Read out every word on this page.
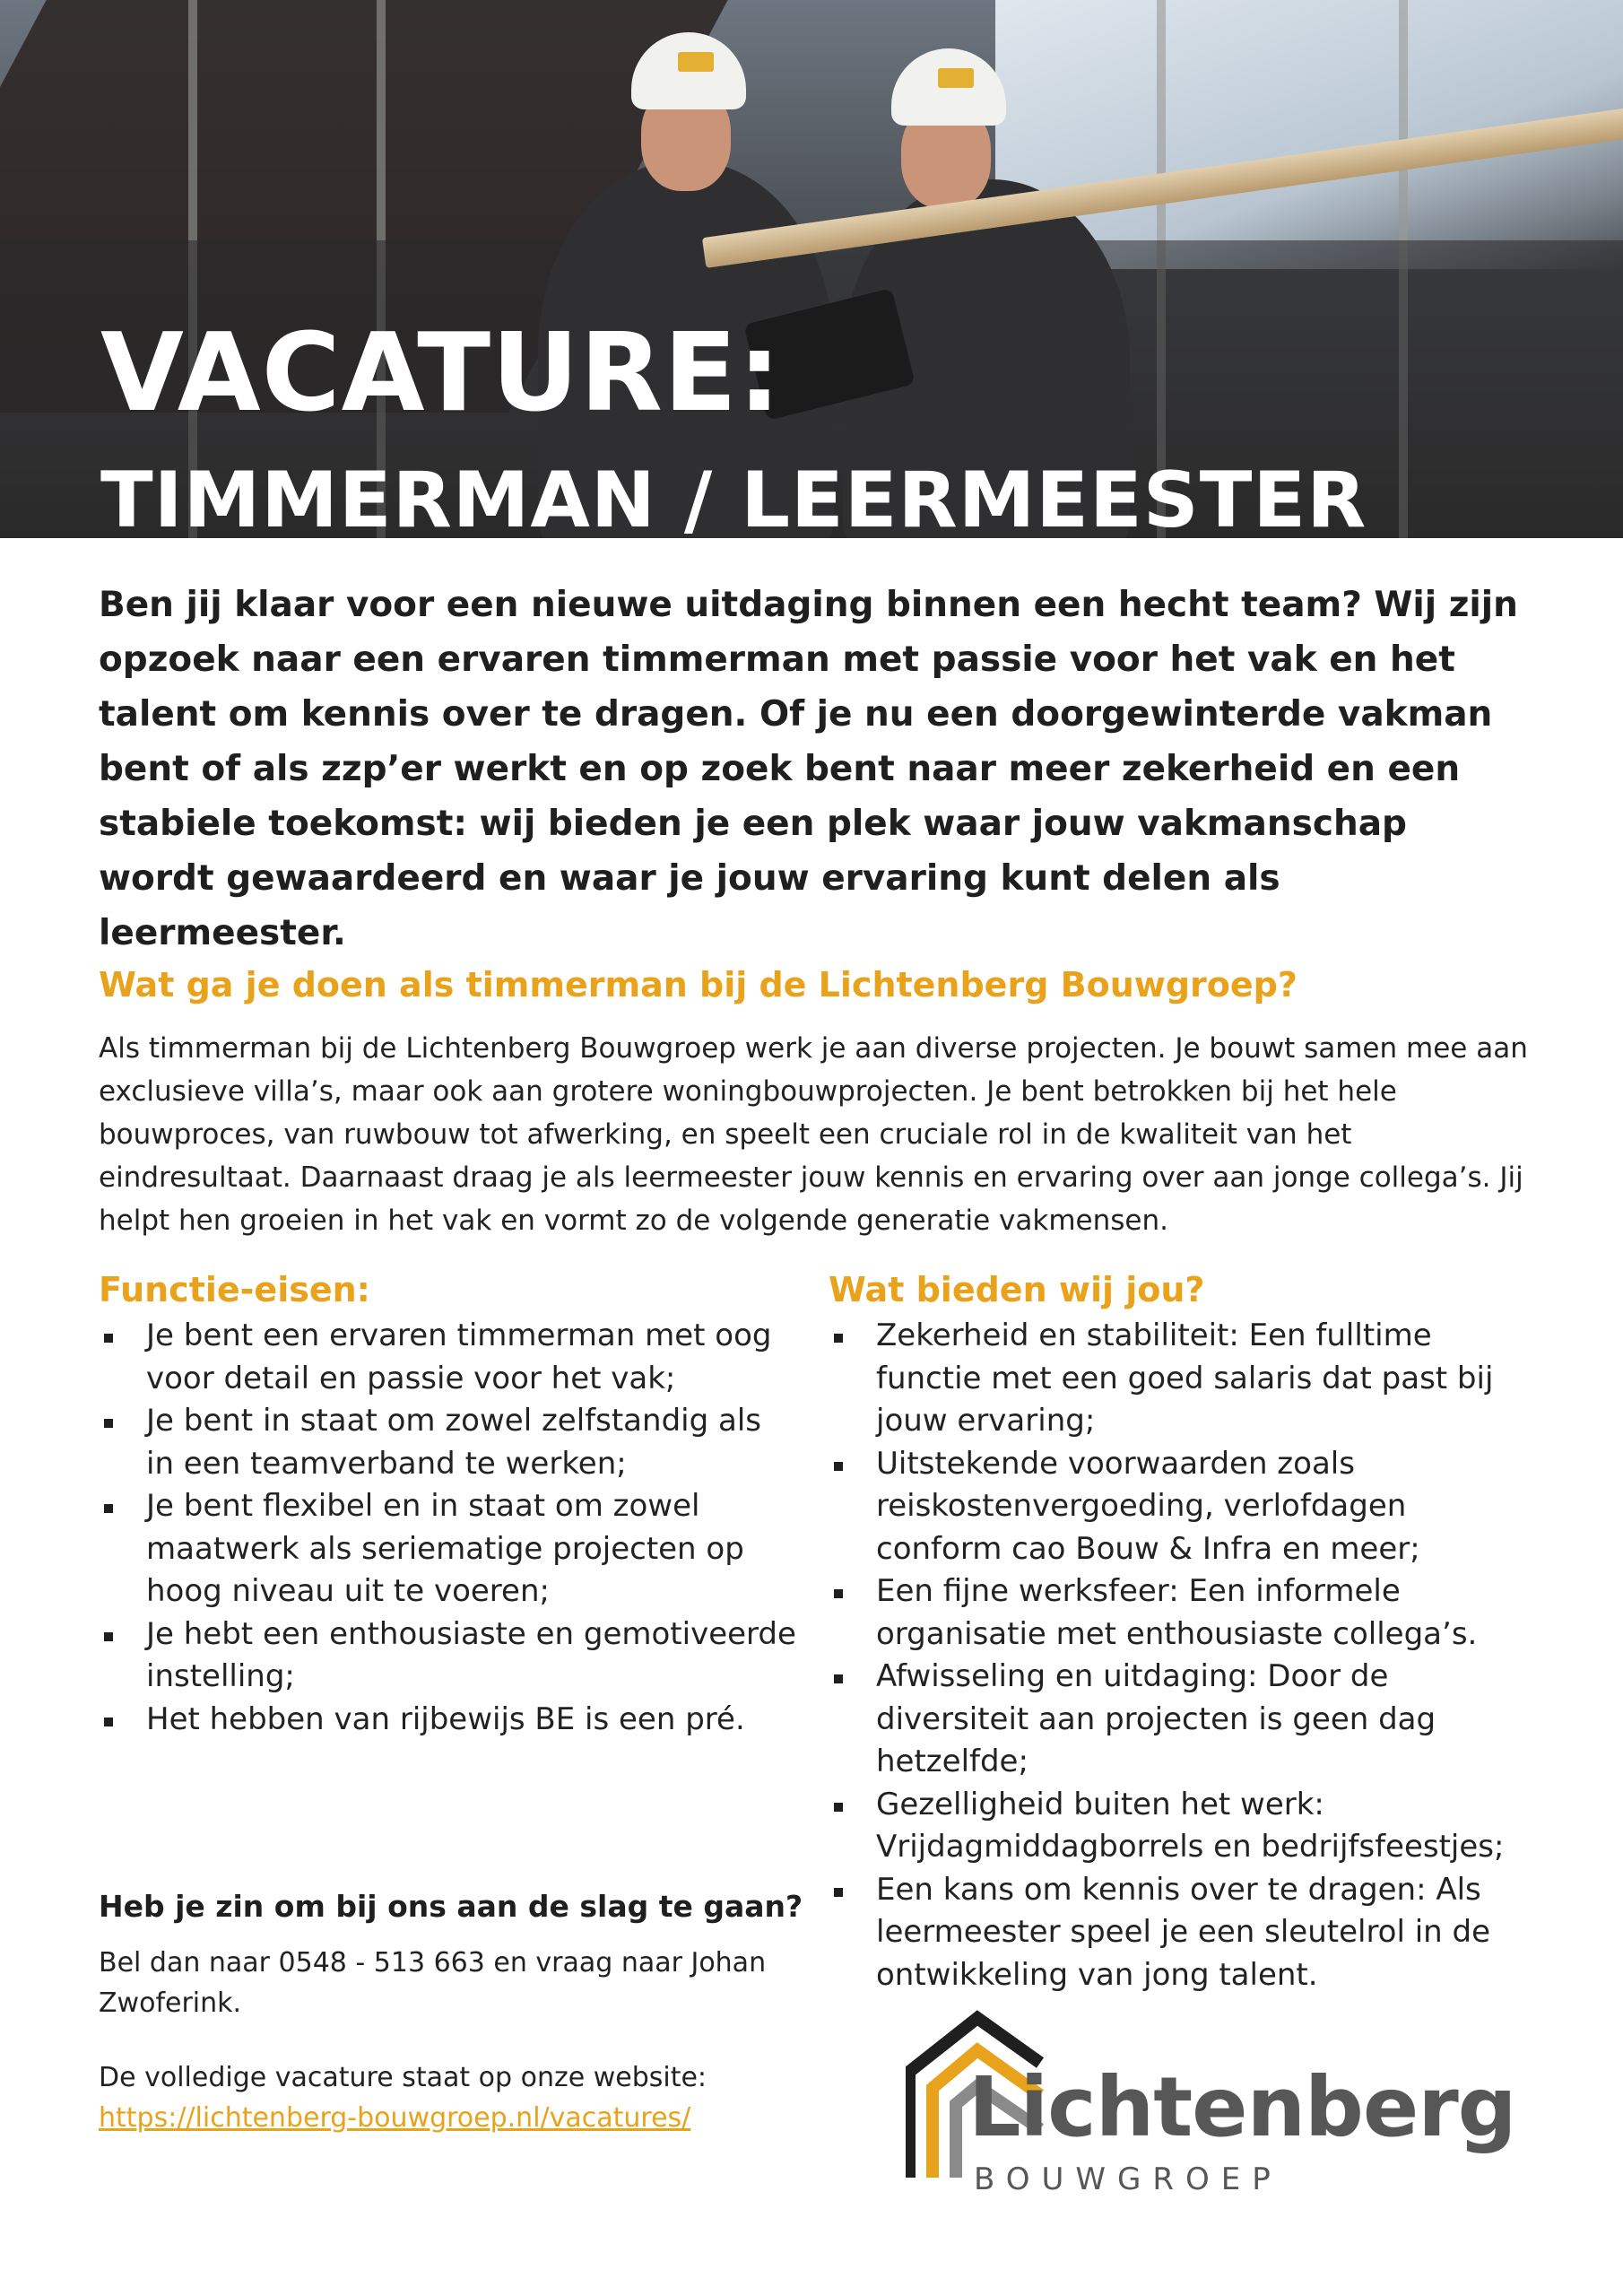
VACATURE:
TIMMERMAN / LEERMEESTER

Ben jij klaar voor een nieuwe uitdaging binnen een hecht team? Wij zijn opzoek naar een ervaren timmerman met passie voor het vak en het talent om kennis over te dragen. Of je nu een doorgewinterde vakman bent of als zzp’er werkt en op zoek bent naar meer zekerheid en een stabiele toekomst: wij bieden je een plek waar jouw vakmanschap wordt gewaardeerd en waar je jouw ervaring kunt delen als leermeester.

Wat ga je doen als timmerman bij de Lichtenberg Bouwgroep?

Als timmerman bij de Lichtenberg Bouwgroep werk je aan diverse projecten. Je bouwt samen mee aan exclusieve villa’s, maar ook aan grotere woningbouwprojecten. Je bent betrokken bij het hele bouwproces, van ruwbouw tot afwerking, en speelt een cruciale rol in de kwaliteit van het eindresultaat. Daarnaast draag je als leermeester jouw kennis en ervaring over aan jonge collega’s. Jij helpt hen groeien in het vak en vormt zo de volgende generatie vakmensen.

Functie-eisen:
Je bent een ervaren timmerman met oog voor detail en passie voor het vak;
Je bent in staat om zowel zelfstandig als in een teamverband te werken;
Je bent flexibel en in staat om zowel maatwerk als seriematige projecten op hoog niveau uit te voeren;
Je hebt een enthousiaste en gemotiveerde instelling;
Het hebben van rijbewijs BE is een pré.
Wat bieden wij jou?
Zekerheid en stabiliteit: Een fulltime functie met een goed salaris dat past bij jouw ervaring;
Uitstekende voorwaarden zoals reiskostenvergoeding, verlofdagen conform cao Bouw & Infra en meer;
Een fijne werksfeer: Een informele organisatie met enthousiaste collega’s.
Afwisseling en uitdaging: Door de diversiteit aan projecten is geen dag hetzelfde;
Gezelligheid buiten het werk: Vrijdagmiddagborrels en bedrijfsfeestjes;
Een kans om kennis over te dragen: Als leermeester speel je een sleutelrol in de ontwikkeling van jong talent.
Heb je zin om bij ons aan de slag te gaan?

Bel dan naar 0548 - 513 663 en vraag naar Johan Zwoferink.

De volledige vacature staat op onze website:

https://lichtenberg-bouwgroep.nl/vacatures/	Lichtenberg

BOUWGROEP
